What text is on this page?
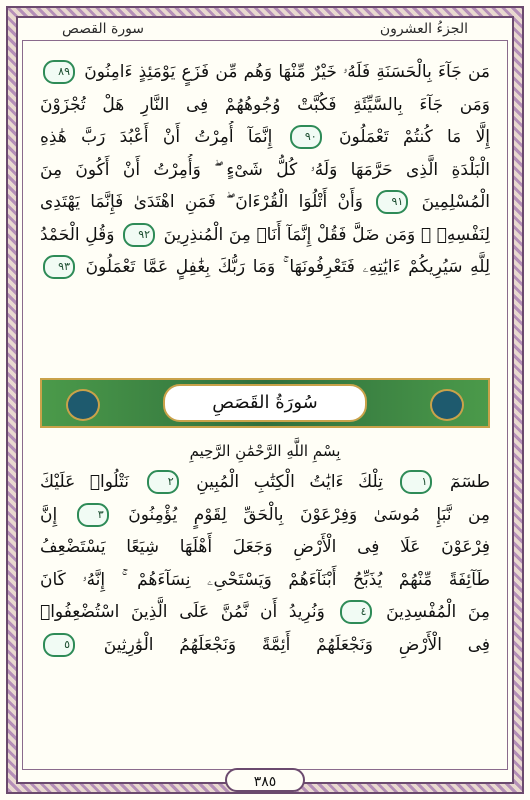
الجزءُ العشرون
سورة القصص
مَن جَآءَ بِالْحَسَنَةِ فَلَهُۥ خَيْرٌ مِّنْهَا وَهُم مِّن فَزَعٍ يَوْمَئِذٍ ءَامِنُونَ ٨٩
وَمَن جَآءَ بِالسَّيِّئَةِ فَكُبَّتْ وُجُوهُهُمْ فِى النَّارِ هَلْ تُجْزَوْنَ
إِلَّا مَا كُنتُمْ تَعْمَلُونَ ٩٠ إِنَّمَآ أُمِرْتُ أَنْ أَعْبُدَ رَبَّ هَٰذِهِ
الْبَلْدَةِ الَّذِى حَرَّمَهَا وَلَهُۥ كُلُّ شَىْءٍ ۖ وَأُمِرْتُ أَنْ أَكُونَ مِنَ
الْمُسْلِمِينَ ٩١ وَأَنْ أَتْلُوَا الْقُرْءَانَ ۖ فَمَنِ اهْتَدَىٰ فَإِنَّمَا يَهْتَدِى
لِنَفْسِهِۦ ۖ وَمَن ضَلَّ فَقُلْ إِنَّمَآ أَنَا۠ مِنَ الْمُنذِرِينَ ٩٢ وَقُلِ الْحَمْدُ
لِلَّهِ سَيُرِيكُمْ ءَايَٰتِهِۦ فَتَعْرِفُونَهَا ۚ وَمَا رَبُّكَ بِغَٰفِلٍ عَمَّا تَعْمَلُونَ ٩٣
سُورَةُ القَصَصِ
بِسْمِ اللَّهِ الرَّحْمَٰنِ الرَّحِيمِ
طسٓمٓ ١ تِلْكَ ءَايَٰتُ الْكِتَٰبِ الْمُبِينِ ٢ نَتْلُوا۟ عَلَيْكَ
مِن نَّبَإِ مُوسَىٰ وَفِرْعَوْنَ بِالْحَقِّ لِقَوْمٍ يُؤْمِنُونَ ٣ إِنَّ
فِرْعَوْنَ عَلَا فِى الْأَرْضِ وَجَعَلَ أَهْلَهَا شِيَعًا يَسْتَضْعِفُ
طَآئِفَةً مِّنْهُمْ يُذَبِّحُ أَبْنَآءَهُمْ وَيَسْتَحْىِۦ نِسَآءَهُمْ ۚ إِنَّهُۥ كَانَ
مِنَ الْمُفْسِدِينَ ٤ وَنُرِيدُ أَن نَّمُنَّ عَلَى الَّذِينَ اسْتُضْعِفُوا۟
فِى الْأَرْضِ وَنَجْعَلَهُمْ أَئِمَّةً وَنَجْعَلَهُمُ الْوَٰرِثِينَ ٥
٣٨٥
